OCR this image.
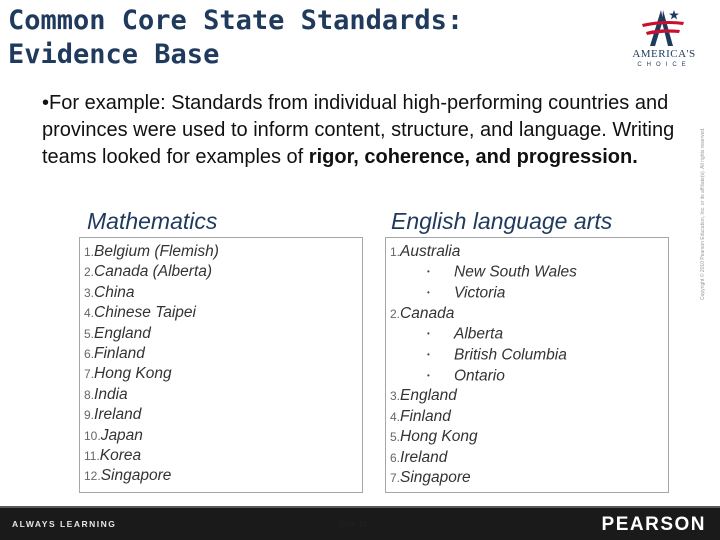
Common Core State Standards:
Evidence Base	AMERICA'S
CHOICE
•For example: Standards from individual high-performing countries and provinces were used to inform content, structure, and language. Writing teams looked for examples of rigor, coherence, and progression.
Mathematics	English language arts
1.Belgium (Flemish)
2.Canada (Alberta)
3.China
4.Chinese Taipei
5.England
6.Finland
7.Hong Kong
8.India
9.Ireland
10.Japan
11.Korea
12.Singapore
1.Australia
• New South Wales
• Victoria
2.Canada
• Alberta
• British Columbia
• Ontario
3.England
4.Finland
5.Hong Kong
6.Ireland
7.Singapore
Copyright © 2010 Pearson Education, Inc. or its affiliate(s). All rights reserved.
ALWAYS LEARNING	PEARSON
Slide 10
